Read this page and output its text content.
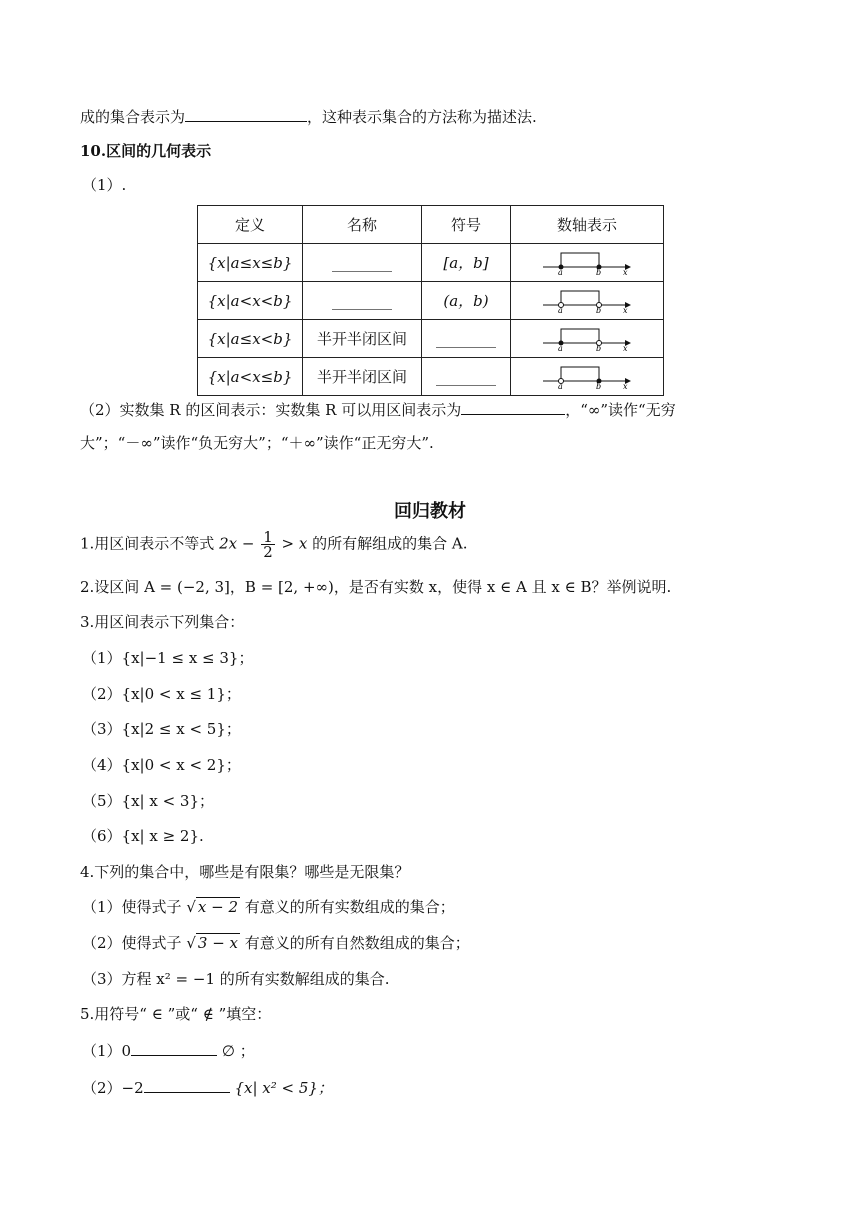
成的集合表示为	，这种表示集合的方法称为描述法.
10.区间的几何表示
（1）.
定义	名称	符号	数轴表示
{x|a≤x≤b}	________	[a，b]	a b x

{x|a<x<b}	________	(a，b)	a b x

{x|a≤x<b}	半开半闭区间	________	a b x

{x|a<x≤b}	半开半闭区间	________	a b x
（2）实数集 R 的区间表示：实数集 R 可以用区间表示为	，“∞”读作“无穷
大”；“－∞”读作“负无穷大”；“＋∞”读作“正无穷大”.
回归教材
1.用区间表示不等式 $2x - \frac{1}{2} > x$ 的所有解组成的集合 A.
2.设区间 A = (−2, 3]，B = [2, +∞)，是否有实数 x，使得 x ∈ A 且 x ∈ B？举例说明.
3.用区间表示下列集合：
（1）{x|−1 ≤ x ≤ 3}；
（2）{x|0 < x ≤ 1}；
（3）{x|2 ≤ x < 5}；
（4）{x|0 < x < 2}；
（5）{x| x < 3}；
（6）{x| x ≥ 2}.
4.下列的集合中，哪些是有限集？哪些是无限集？
（1）使得式子 √ x − 2 有意义的所有实数组成的集合；
（2）使得式子 √ 3 − x 有意义的所有自然数组成的集合；
（3）方程 x² = −1 的所有实数解组成的集合.
5.用符号“ ∈ ”或“ ∉ ”填空：
（1）0	∅ ；
（2）−2	{x| x² < 5}；
